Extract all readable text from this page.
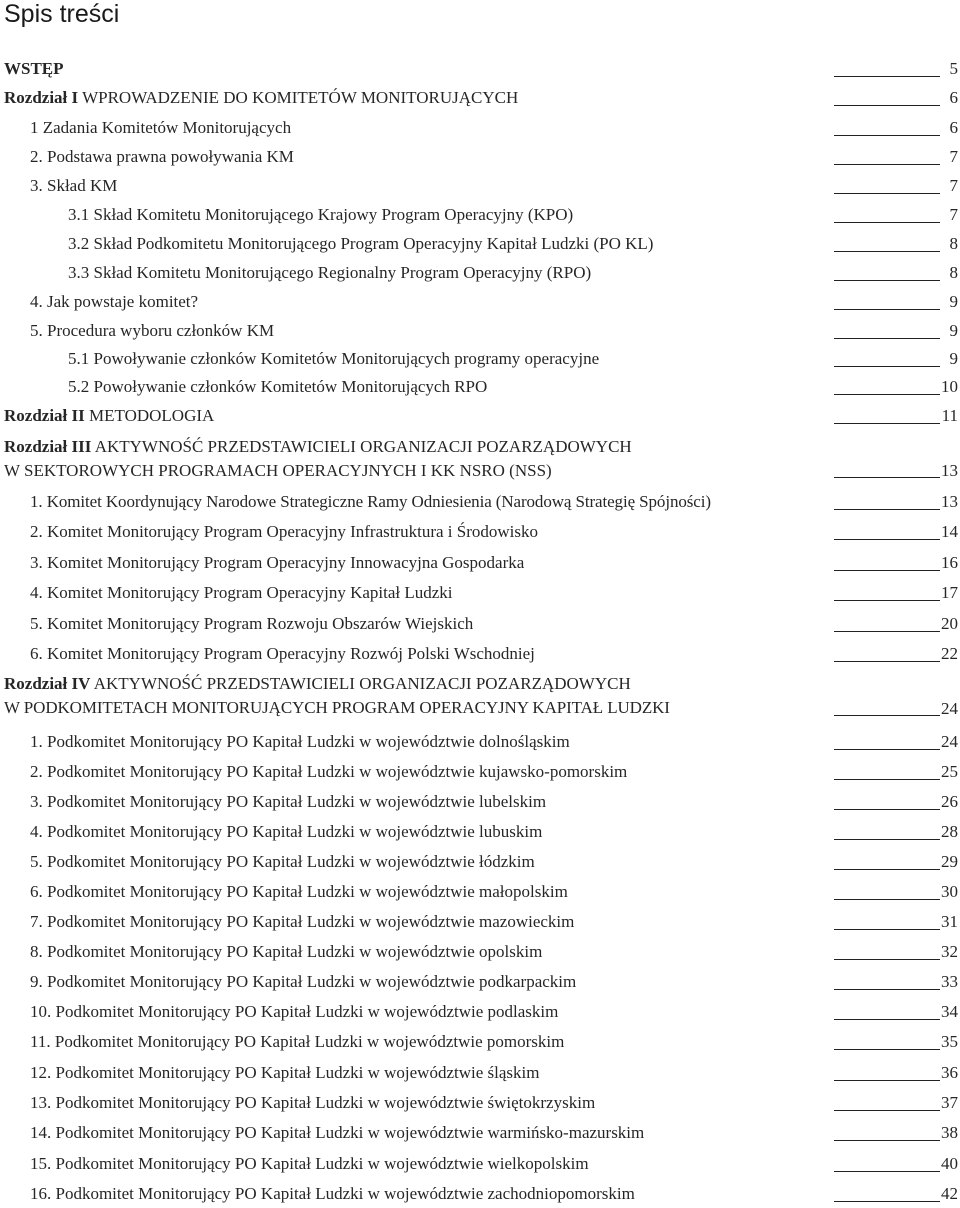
Spis treści
WSTĘP	5
Rozdział I WPROWADZENIE DO KOMITETÓW MONITORUJĄCYCH	6
1 Zadania Komitetów Monitorujących	6
2. Podstawa prawna powoływania KM	7
3. Skład KM	7
3.1 Skład Komitetu Monitorującego Krajowy Program Operacyjny (KPO)	7
3.2 Skład Podkomitetu Monitorującego Program Operacyjny Kapitał Ludzki (PO KL)	8
3.3 Skład Komitetu Monitorującego Regionalny Program Operacyjny (RPO)	8
4. Jak powstaje komitet?	9
5. Procedura wyboru członków KM	9
5.1 Powoływanie członków Komitetów Monitorujących programy operacyjne	9
5.2 Powoływanie członków Komitetów Monitorujących RPO	10
Rozdział II METODOLOGIA	11
Rozdział III AKTYWNOŚĆ PRZEDSTAWICIELI ORGANIZACJI POZARZĄDOWYCH
W SEKTOROWYCH PROGRAMACH OPERACYJNYCH I KK NSRO (NSS)	13
1. Komitet Koordynujący Narodowe Strategiczne Ramy Odniesienia (Narodową Strategię Spójności)	13
2. Komitet Monitorujący Program Operacyjny Infrastruktura i Środowisko	14
3. Komitet Monitorujący Program Operacyjny Innowacyjna Gospodarka	16
4. Komitet Monitorujący Program Operacyjny Kapitał Ludzki	17
5. Komitet Monitorujący Program Rozwoju Obszarów Wiejskich	20
6. Komitet Monitorujący Program Operacyjny Rozwój Polski Wschodniej	22
Rozdział IV AKTYWNOŚĆ PRZEDSTAWICIELI ORGANIZACJI POZARZĄDOWYCH
W PODKOMITETACH MONITORUJĄCYCH PROGRAM OPERACYJNY KAPITAŁ LUDZKI	24
1. Podkomitet Monitorujący PO Kapitał Ludzki w województwie dolnośląskim	24
2. Podkomitet Monitorujący PO Kapitał Ludzki w województwie kujawsko-pomorskim	25
3. Podkomitet Monitorujący PO Kapitał Ludzki w województwie lubelskim	26
4. Podkomitet Monitorujący PO Kapitał Ludzki w województwie lubuskim	28
5. Podkomitet Monitorujący PO Kapitał Ludzki w województwie łódzkim	29
6. Podkomitet Monitorujący PO Kapitał Ludzki w województwie małopolskim	30
7. Podkomitet Monitorujący PO Kapitał Ludzki w województwie mazowieckim	31
8. Podkomitet Monitorujący PO Kapitał Ludzki w województwie opolskim	32
9. Podkomitet Monitorujący PO Kapitał Ludzki w województwie podkarpackim	33
10. Podkomitet Monitorujący PO Kapitał Ludzki w województwie podlaskim	34
11. Podkomitet Monitorujący PO Kapitał Ludzki w województwie pomorskim	35
12. Podkomitet Monitorujący PO Kapitał Ludzki w województwie śląskim	36
13. Podkomitet Monitorujący PO Kapitał Ludzki w województwie świętokrzyskim	37
14. Podkomitet Monitorujący PO Kapitał Ludzki w województwie warmińsko-mazurskim	38
15. Podkomitet Monitorujący PO Kapitał Ludzki w województwie wielkopolskim	40
16. Podkomitet Monitorujący PO Kapitał Ludzki w województwie zachodniopomorskim	42
